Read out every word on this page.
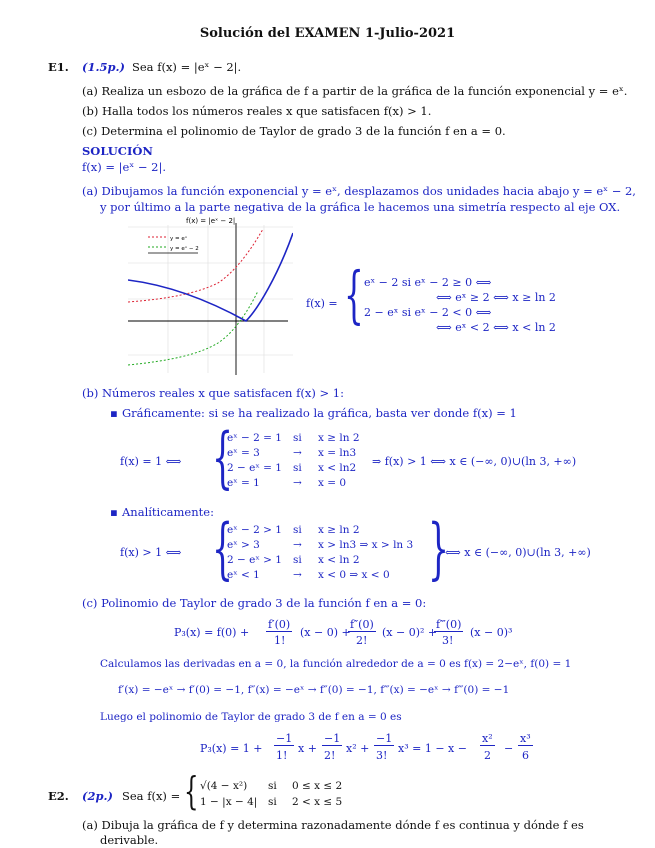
Solución del EXAMEN 1-Julio-2021
E1. (1.5p.) Sea f(x) = |eˣ − 2|.
(a) Realiza un esbozo de la gráfica de f a partir de la gráfica de la función exponencial y = eˣ.
(b) Halla todos los números reales x que satisfacen f(x) > 1.
(c) Determina el polinomio de Taylor de grado 3 de la función f en a = 0.
SOLUCIÓN
f(x) = |eˣ − 2|.
(a) Dibujamos la función exponencial y = eˣ, desplazamos dos unidades hacia abajo y = eˣ − 2,
y por último a la parte negativa de la gráfica le hacemos una simetría respecto al eje OX.
y = eˣ
y = eˣ − 2
f(x) = |eˣ − 2|
f(x) = { eˣ − 2 si eˣ − 2 ≥ 0 ⟺
⟺ eˣ ≥ 2 ⟺ x ≥ ln 2
2 − eˣ si eˣ − 2 < 0 ⟺
⟺ eˣ < 2 ⟺ x < ln 2
(b) Números reales x que satisfacen f(x) > 1:
▪ Gráficamente: si se ha realizado la gráfica, basta ver donde f(x) = 1
f(x) = 1 ⟺ {
eˣ − 2 = 1 si x ≥ ln 2
eˣ = 3	→ x = ln3
2 − eˣ = 1 si x < ln2
eˣ = 1	→ x = 0
⇒ f(x) > 1 ⟺ x ∈ (−∞, 0)∪(ln 3, +∞)
▪ Analíticamente:
f(x) > 1 ⟺ {
eˣ − 2 > 1 si x ≥ ln 2
eˣ > 3	→ x > ln3 ⇒ x > ln 3
2 − eˣ > 1 si x < ln 2
eˣ < 1	→ x < 0 ⇒ x < 0 }
⟺ x ∈ (−∞, 0)∪(ln 3, +∞)
(c) Polinomio de Taylor de grado 3 de la función f en a = 0:
P₃(x) = f(0) +
f′(0)
1!
(x − 0) +
f″(0)
2!
(x − 0)² +
f‴(0)
3!
(x − 0)³
Calculamos las derivadas en a = 0, la función alrededor de a = 0 es f(x) = 2−eˣ, f(0) = 1
f′(x) = −eˣ → f′(0) = −1, f″(x) = −eˣ → f″(0) = −1, f‴(x) = −eˣ → f‴(0) = −1
Luego el polinomio de Taylor de grado 3 de f en a = 0 es
P₃(x) = 1 +
−1
1!
x +
−1
2!
x² +
−1
3!
x³ = 1 − x −
x²
2
−
x³
6
E2. (2p.) Sea f(x) = { √(4 − x²) si 0 ≤ x ≤ 2
1 − |x − 4| si 2 < x ≤ 5
(a) Dibuja la gráfica de f y determina razonadamente dónde f es continua y dónde f es
derivable.
